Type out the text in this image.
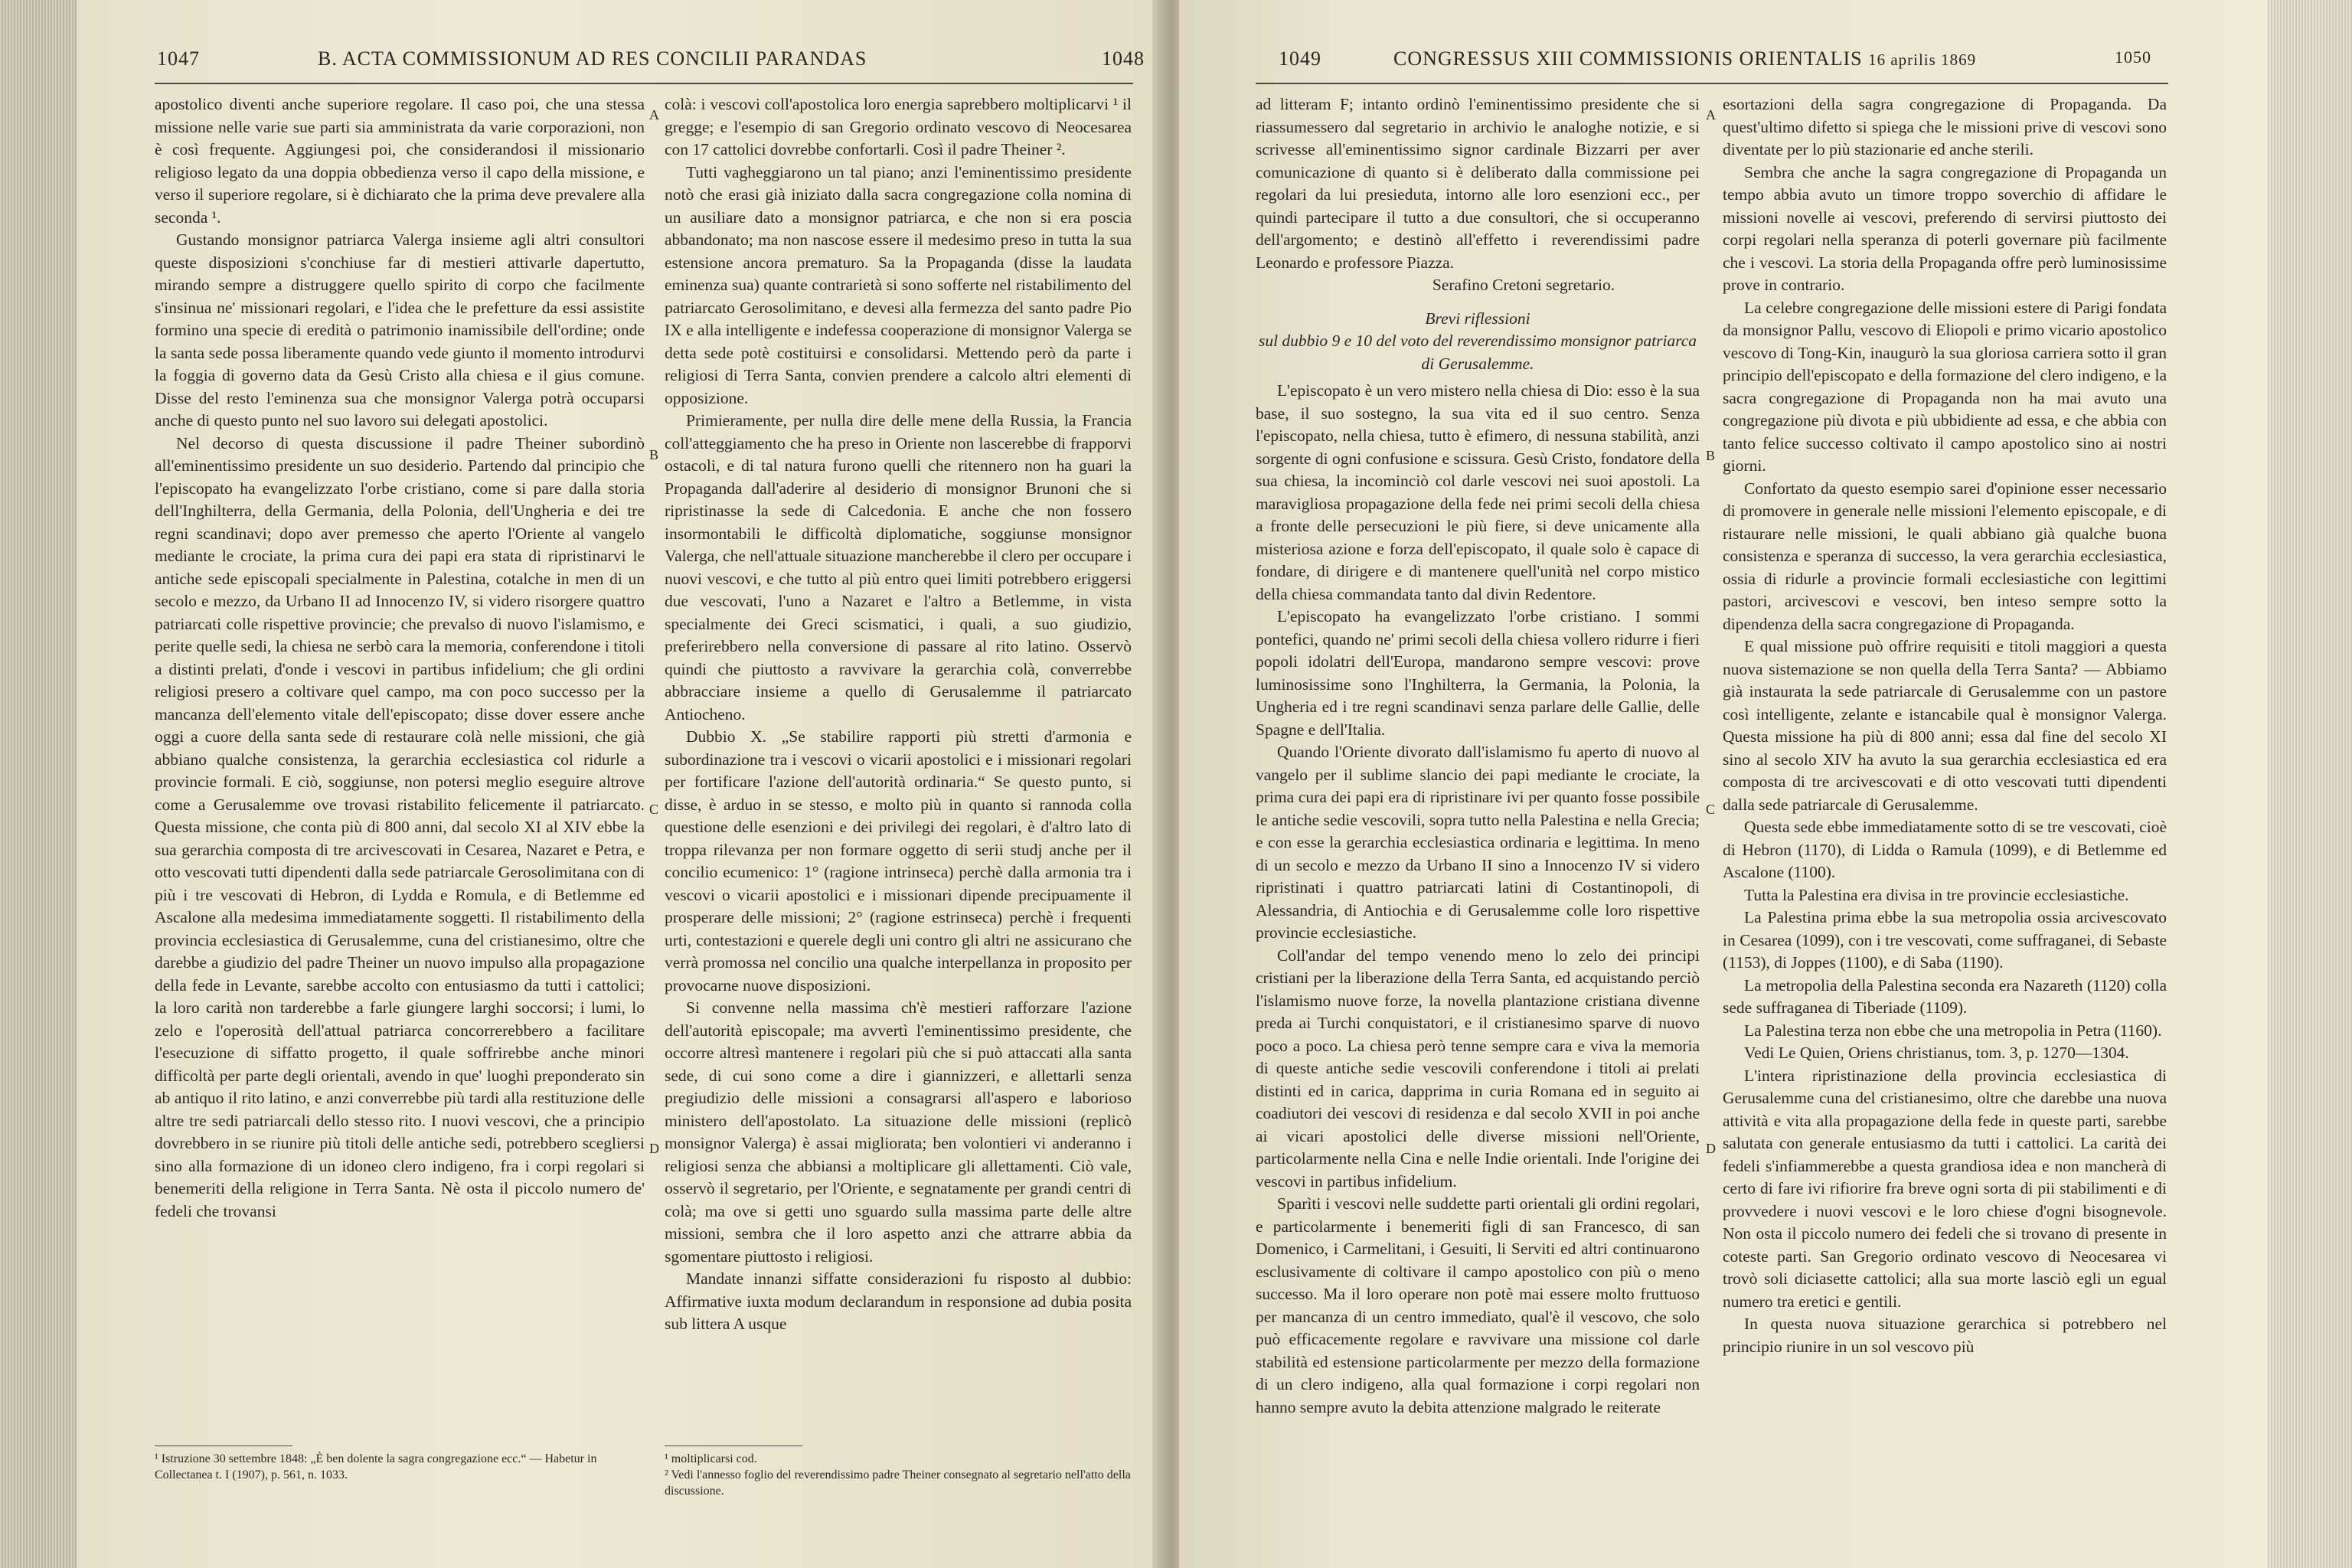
1047	B. ACTA COMMISSIONUM AD RES CONCILII PARANDAS	1048

apostolico diventi anche superiore regolare. Il caso poi, che una stessa missione nelle varie sue parti sia amministrata da varie corporazioni, non è così frequente. Aggiungesi poi, che considerandosi il missionario religioso legato da una doppia obbedienza verso il capo della missione, e verso il superiore regolare, si è dichiarato che la prima deve prevalere alla seconda ¹.

Gustando monsignor patriarca Valerga insieme agli altri consultori queste disposizioni s'conchiuse far di mestieri attivarle dapertutto, mirando sempre a distruggere quello spirito di corpo che facilmente s'insinua ne' missionari regolari, e l'idea che le prefetture da essi assistite formino una specie di eredità o patrimonio inamissibile dell'ordine; onde la santa sede possa liberamente quando vede giunto il momento introdurvi la foggia di governo data da Gesù Cristo alla chiesa e il gius comune. Disse del resto l'eminenza sua che monsignor Valerga potrà occuparsi anche di questo punto nel suo lavoro sui delegati apostolici.

Nel decorso di questa discussione il padre Theiner subordinò all'eminentissimo presidente un suo desiderio. Partendo dal principio che l'episcopato ha evangelizzato l'orbe cristiano, come si pare dalla storia dell'Inghilterra, della Germania, della Polonia, dell'Ungheria e dei tre regni scandinavi; dopo aver premesso che aperto l'Oriente al vangelo mediante le crociate, la prima cura dei papi era stata di ripristinarvi le antiche sede episcopali specialmente in Palestina, cotalche in men di un secolo e mezzo, da Urbano II ad Innocenzo IV, si videro risorgere quattro patriarcati colle rispettive provincie; che prevalso di nuovo l'islamismo, e perite quelle sedi, la chiesa ne serbò cara la memoria, conferendone i titoli a distinti prelati, d'onde i vescovi in partibus infidelium; che gli ordini religiosi presero a coltivare quel campo, ma con poco successo per la mancanza dell'elemento vitale dell'episcopato; disse dover essere anche oggi a cuore della santa sede di restaurare colà nelle missioni, che già abbiano qualche consistenza, la gerarchia ecclesiastica col ridurle a provincie formali. E ciò, soggiunse, non potersi meglio eseguire altrove come a Gerusalemme ove trovasi ristabilito felicemente il patriarcato. Questa missione, che conta più di 800 anni, dal secolo XI al XIV ebbe la sua gerarchia composta di tre arcivescovati in Cesarea, Nazaret e Petra, e otto vescovati tutti dipendenti dalla sede patriarcale Gerosolimitana con di più i tre vescovati di Hebron, di Lydda e Romula, e di Betlemme ed Ascalone alla medesima immediatamente soggetti. Il ristabilimento della provincia ecclesiastica di Gerusalemme, cuna del cristianesimo, oltre che darebbe a giudizio del padre Theiner un nuovo impulso alla propagazione della fede in Levante, sarebbe accolto con entusiasmo da tutti i cattolici; la loro carità non tarderebbe a farle giungere larghi soccorsi; i lumi, lo zelo e l'operosità dell'attual patriarca concorrerebbero a facilitare l'esecuzione di siffatto progetto, il quale soffrirebbe anche minori difficoltà per parte degli orientali, avendo in que' luoghi preponderato sin ab antiquo il rito latino, e anzi converrebbe più tardi alla restituzione delle altre tre sedi patriarcali dello stesso rito. I nuovi vescovi, che a principio dovrebbero in se riunire più titoli delle antiche sedi, potrebbero scegliersi sino alla formazione di un idoneo clero indigeno, fra i corpi regolari si benemeriti della religione in Terra Santa. Nè osta il piccolo numero de' fedeli che trovansi

¹ Istruzione 30 settembre 1848: „È ben dolente la sagra congregazione ecc.“ — Habetur in Collectanea t. I (1907), p. 561, n. 1033.
A
B
C
D

colà: i vescovi coll'apostolica loro energia saprebbero moltiplicarvi ¹ il gregge; e l'esempio di san Gregorio ordinato vescovo di Neocesarea con 17 cattolici dovrebbe confortarli. Così il padre Theiner ².

Tutti vagheggiarono un tal piano; anzi l'eminentissimo presidente notò che erasi già iniziato dalla sacra congregazione colla nomina di un ausiliare dato a monsignor patriarca, e che non si era poscia abbandonato; ma non nascose essere il medesimo preso in tutta la sua estensione ancora prematuro. Sa la Propaganda (disse la laudata eminenza sua) quante contrarietà si sono sofferte nel ristabilimento del patriarcato Gerosolimitano, e devesi alla fermezza del santo padre Pio IX e alla intelligente e indefessa cooperazione di monsignor Valerga se detta sede potè costituirsi e consolidarsi. Mettendo però da parte i religiosi di Terra Santa, convien prendere a calcolo altri elementi di opposizione.

Primieramente, per nulla dire delle mene della Russia, la Francia coll'atteggiamento che ha preso in Oriente non lascerebbe di frapporvi ostacoli, e di tal natura furono quelli che ritennero non ha guari la Propaganda dall'aderire al desiderio di monsignor Brunoni che si ripristinasse la sede di Calcedonia. E anche che non fossero insormontabili le difficoltà diplomatiche, soggiunse monsignor Valerga, che nell'attuale situazione mancherebbe il clero per occupare i nuovi vescovi, e che tutto al più entro quei limiti potrebbero eriggersi due vescovati, l'uno a Nazaret e l'altro a Betlemme, in vista specialmente dei Greci scismatici, i quali, a suo giudizio, preferirebbero nella conversione di passare al rito latino. Osservò quindi che piuttosto a ravvivare la gerarchia colà, converrebbe abbracciare insieme a quello di Gerusalemme il patriarcato Antiocheno.

Dubbio X. „Se stabilire rapporti più stretti d'armonia e subordinazione tra i vescovi o vicarii apostolici e i missionari regolari per fortificare l'azione dell'autorità ordinaria.“ Se questo punto, si disse, è arduo in se stesso, e molto più in quanto si rannoda colla questione delle esenzioni e dei privilegi dei regolari, è d'altro lato di troppa rilevanza per non formare oggetto di serii studj anche per il concilio ecumenico: 1° (ragione intrinseca) perchè dalla armonia tra i vescovi o vicarii apostolici e i missionari dipende precipuamente il prosperare delle missioni; 2° (ragione estrinseca) perchè i frequenti urti, contestazioni e querele degli uni contro gli altri ne assicurano che verrà promossa nel concilio una qualche interpellanza in proposito per provocarne nuove disposizioni.

Si convenne nella massima ch'è mestieri rafforzare l'azione dell'autorità episcopale; ma avvertì l'eminentissimo presidente, che occorre altresì mantenere i regolari più che si può attaccati alla santa sede, di cui sono come a dire i giannizzeri, e allettarli senza pregiudizio delle missioni a consagrarsi all'aspero e laborioso ministero dell'apostolato. La situazione delle missioni (replicò monsignor Valerga) è assai migliorata; ben volontieri vi anderanno i religiosi senza che abbiansi a moltiplicare gli allettamenti. Ciò vale, osservò il segretario, per l'Oriente, e segnatamente per grandi centri di colà; ma ove si getti uno sguardo sulla massima parte delle altre missioni, sembra che il loro aspetto anzi che attrarre abbia da sgomentare piuttosto i religiosi.

Mandate innanzi siffatte considerazioni fu risposto al dubbio: Affirmative iuxta modum declarandum in responsione ad dubia posita sub littera A usque

¹ moltiplicarsi cod.
² Vedi l'annesso foglio del reverendissimo padre Theiner consegnato al segretario nell'atto della discussione.
1049	CONGRESSUS XIII COMMISSIONIS ORIENTALIS 16 aprilis 1869	1050

ad litteram F; intanto ordinò l'eminentissimo presidente che si riassumessero dal segretario in archivio le analoghe notizie, e si scrivesse all'eminentissimo signor cardinale Bizzarri per aver comunicazione di quanto si è deliberato dalla commissione pei regolari da lui presieduta, intorno alle loro esenzioni ecc., per quindi partecipare il tutto a due consultori, che si occuperanno dell'argomento; e destinò all'effetto i reverendissimi padre Leonardo e professore Piazza.

Serafino Cretoni segretario.

Brevi riflessioni

sul dubbio 9 e 10 del voto del reverendissimo monsignor patriarca di Gerusalemme.

L'episcopato è un vero mistero nella chiesa di Dio: esso è la sua base, il suo sostegno, la sua vita ed il suo centro. Senza l'episcopato, nella chiesa, tutto è efimero, di nessuna stabilità, anzi sorgente di ogni confusione e scissura. Gesù Cristo, fondatore della sua chiesa, la incominciò col darle vescovi nei suoi apostoli. La maravigliosa propagazione della fede nei primi secoli della chiesa a fronte delle persecuzioni le più fiere, si deve unicamente alla misteriosa azione e forza dell'episcopato, il quale solo è capace di fondare, di dirigere e di mantenere quell'unità nel corpo mistico della chiesa commandata tanto dal divin Redentore.

L'episcopato ha evangelizzato l'orbe cristiano. I sommi pontefici, quando ne' primi secoli della chiesa vollero ridurre i fieri popoli idolatri dell'Europa, mandarono sempre vescovi: prove luminosissime sono l'Inghilterra, la Germania, la Polonia, la Ungheria ed i tre regni scandinavi senza parlare delle Gallie, delle Spagne e dell'Italia.

Quando l'Oriente divorato dall'islamismo fu aperto di nuovo al vangelo per il sublime slancio dei papi mediante le crociate, la prima cura dei papi era di ripristinare ivi per quanto fosse possibile le antiche sedie vescovili, sopra tutto nella Palestina e nella Grecia; e con esse la gerarchia ecclesiastica ordinaria e legittima. In meno di un secolo e mezzo da Urbano II sino a Innocenzo IV si videro ripristinati i quattro patriarcati latini di Costantinopoli, di Alessandria, di Antiochia e di Gerusalemme colle loro rispettive provincie ecclesiastiche.

Coll'andar del tempo venendo meno lo zelo dei principi cristiani per la liberazione della Terra Santa, ed acquistando perciò l'islamismo nuove forze, la novella plantazione cristiana divenne preda ai Turchi conquistatori, e il cristianesimo sparve di nuovo poco a poco. La chiesa però tenne sempre cara e viva la memoria di queste antiche sedie vescovili conferendone i titoli ai prelati distinti ed in carica, dapprima in curia Romana ed in seguito ai coadiutori dei vescovi di residenza e dal secolo XVII in poi anche ai vicari apostolici delle diverse missioni nell'Oriente, particolarmente nella Cina e nelle Indie orientali. Inde l'origine dei vescovi in partibus infidelium.

Sparìti i vescovi nelle suddette parti orientali gli ordini regolari, e particolarmente i benemeriti figli di san Francesco, di san Domenico, i Carmelitani, i Gesuiti, li Serviti ed altri continuarono esclusivamente di coltivare il campo apostolico con più o meno successo. Ma il loro operare non potè mai essere molto fruttuoso per mancanza di un centro immediato, qual'è il vescovo, che solo può efficacemente regolare e ravvivare una missione col darle stabilità ed estensione particolarmente per mezzo della formazione di un clero indigeno, alla qual formazione i corpi regolari non hanno sempre avuto la debita attenzione malgrado le reiterate

A
B
C
D

esortazioni della sagra congregazione di Propaganda. Da quest'ultimo difetto si spiega che le missioni prive di vescovi sono diventate per lo più stazionarie ed anche sterili.

Sembra che anche la sagra congregazione di Propaganda un tempo abbia avuto un timore troppo soverchio di affidare le missioni novelle ai vescovi, preferendo di servirsi piuttosto dei corpi regolari nella speranza di poterli governare più facilmente che i vescovi. La storia della Propaganda offre però luminosissime prove in contrario.

La celebre congregazione delle missioni estere di Parigi fondata da monsignor Pallu, vescovo di Eliopoli e primo vicario apostolico vescovo di Tong-Kin, inaugurò la sua gloriosa carriera sotto il gran principio dell'episcopato e della formazione del clero indigeno, e la sacra congregazione di Propaganda non ha mai avuto una congregazione più divota e più ubbidiente ad essa, e che abbia con tanto felice successo coltivato il campo apostolico sino ai nostri giorni.

Confortato da questo esempio sarei d'opinione esser necessario di promovere in generale nelle missioni l'elemento episcopale, e di ristaurare nelle missioni, le quali abbiano già qualche buona consistenza e speranza di successo, la vera gerarchia ecclesiastica, ossia di ridurle a provincie formali ecclesiastiche con legittimi pastori, arcivescovi e vescovi, ben inteso sempre sotto la dipendenza della sacra congregazione di Propaganda.

E qual missione può offrire requisiti e titoli maggiori a questa nuova sistemazione se non quella della Terra Santa? — Abbiamo già instaurata la sede patriarcale di Gerusalemme con un pastore così intelligente, zelante e istancabile qual è monsignor Valerga. Questa missione ha più di 800 anni; essa dal fine del secolo XI sino al secolo XIV ha avuto la sua gerarchia ecclesiastica ed era composta di tre arcivescovati e di otto vescovati tutti dipendenti dalla sede patriarcale di Gerusalemme.

Questa sede ebbe immediatamente sotto di se tre vescovati, cioè di Hebron (1170), di Lidda o Ramula (1099), e di Betlemme ed Ascalone (1100).

Tutta la Palestina era divisa in tre provincie ecclesiastiche.

La Palestina prima ebbe la sua metropolia ossia arcivescovato in Cesarea (1099), con i tre vescovati, come suffraganei, di Sebaste (1153), di Joppes (1100), e di Saba (1190).

La metropolia della Palestina seconda era Nazareth (1120) colla sede suffraganea di Tiberiade (1109).

La Palestina terza non ebbe che una metropolia in Petra (1160).

Vedi Le Quien, Oriens christianus, tom. 3, p. 1270—1304.

L'intera ripristinazione della provincia ecclesiastica di Gerusalemme cuna del cristianesimo, oltre che darebbe una nuova attività e vita alla propagazione della fede in queste parti, sarebbe salutata con generale entusiasmo da tutti i cattolici. La carità dei fedeli s'infiammerebbe a questa grandiosa idea e non mancherà di certo di fare ivi rifiorire fra breve ogni sorta di pii stabilimenti e di provvedere i nuovi vescovi e le loro chiese d'ogni bisognevole. Non osta il piccolo numero dei fedeli che si trovano di presente in coteste parti. San Gregorio ordinato vescovo di Neocesarea vi trovò soli diciasette cattolici; alla sua morte lasciò egli un egual numero tra eretici e gentili.

In questa nuova situazione gerarchica si potrebbero nel principio riunire in un sol vescovo più
